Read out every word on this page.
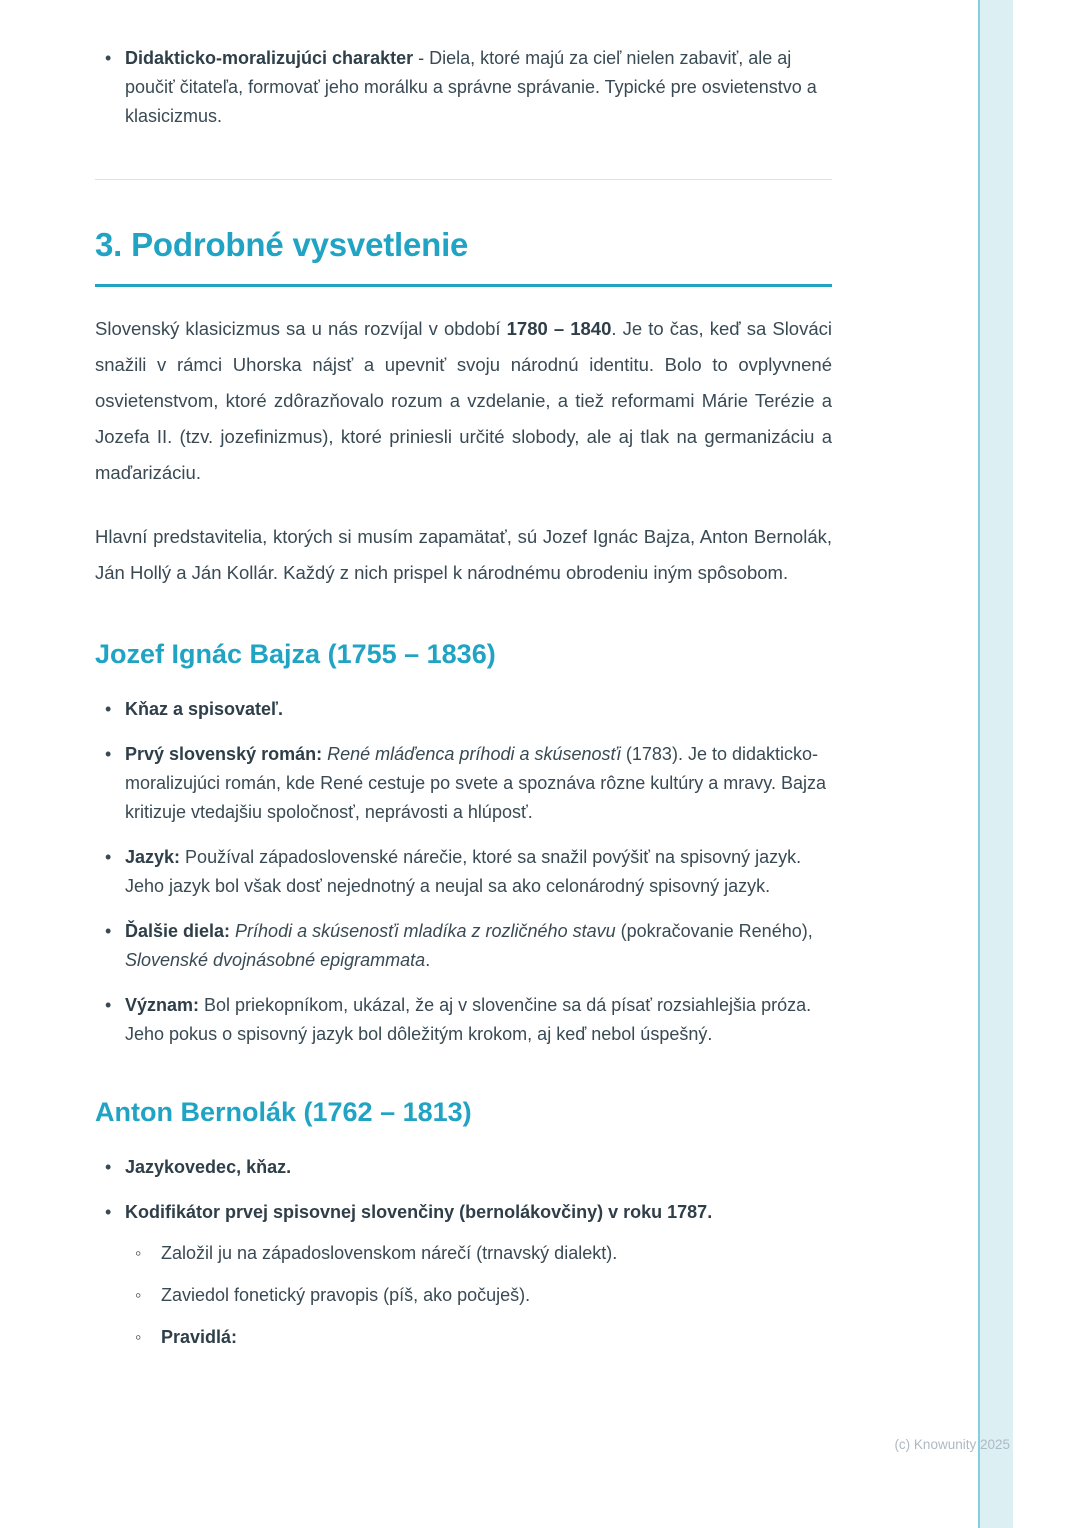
• Didakticko-moralizujúci charakter - Diela, ktoré majú za cieľ nielen zabaviť, ale aj poučiť čitateľa, formovať jeho morálku a správne správanie. Typické pre osvietenstvo a klasicizmus.
3. Podrobné vysvetlenie

Slovenský klasicizmus sa u nás rozvíjal v období 1780 – 1840. Je to čas, keď sa Slováci snažili v rámci Uhorska nájsť a upevniť svoju národnú identitu. Bolo to ovplyvnené osvietenstvom, ktoré zdôrazňovalo rozum a vzdelanie, a tiež reformami Márie Terézie a Jozefa II. (tzv. jozefinizmus), ktoré priniesli určité slobody, ale aj tlak na germanizáciu a maďarizáciu.

Hlavní predstavitelia, ktorých si musím zapamätať, sú Jozef Ignác Bajza, Anton Bernolák, Ján Hollý a Ján Kollár. Každý z nich prispel k národnému obrodeniu iným spôsobom.

Jozef Ignác Bajza (1755 – 1836)
• Kňaz a spisovateľ.
• Prvý slovenský román: René mláďenca príhodi a skúsenosťi (1783). Je to didakticko-moralizujúci román, kde René cestuje po svete a spoznáva rôzne kultúry a mravy. Bajza kritizuje vtedajšiu spoločnosť, neprávosti a hlúposť.
• Jazyk: Používal západoslovenské nárečie, ktoré sa snažil povýšiť na spisovný jazyk. Jeho jazyk bol však dosť nejednotný a neujal sa ako celonárodný spisovný jazyk.
• Ďalšie diela: Príhodi a skúsenosťi mladíka z rozličného stavu (pokračovanie Reného), Slovenské dvojnásobné epigrammata.
• Význam: Bol priekopníkom, ukázal, že aj v slovenčine sa dá písať rozsiahlejšia próza. Jeho pokus o spisovný jazyk bol dôležitým krokom, aj keď nebol úspešný.
Anton Bernolák (1762 – 1813)
• Jazykovedec, kňaz.
• Kodifikátor prvej spisovnej slovenčiny (bernolákovčiny) v roku 1787.
◦	Založil ju na západoslovenskom nárečí (trnavský dialekt).
◦	Zaviedol fonetický pravopis (píš, ako počuješ).
◦	Pravidlá:
(c) Knowunity 2025
